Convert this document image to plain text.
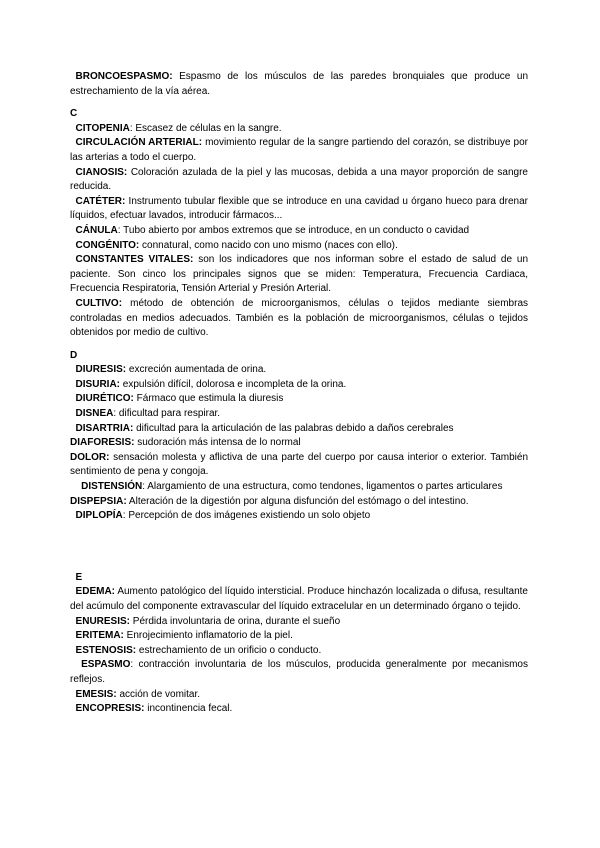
BRONCOESPASMO: Espasmo de los músculos de las paredes bronquiales que produce un estrechamiento de la vía aérea.

C

CITOPENIA: Escasez de células en la sangre.

CIRCULACIÓN ARTERIAL: movimiento regular de la sangre partiendo del corazón, se distribuye por las arterias a todo el cuerpo.

CIANOSIS: Coloración azulada de la piel y las mucosas, debida a una mayor proporción de sangre reducida.

CATÉTER: Instrumento tubular flexible que se introduce en una cavidad u órgano hueco para drenar líquidos, efectuar lavados, introducir fármacos...

CÁNULA: Tubo abierto por ambos extremos que se introduce, en un conducto o cavidad

CONGÉNITO: connatural, como nacido con uno mismo (naces con ello).

CONSTANTES VITALES: son los indicadores que nos informan sobre el estado de salud de un paciente. Son cinco los principales signos que se miden: Temperatura, Frecuencia Cardiaca, Frecuencia Respiratoria, Tensión Arterial y Presión Arterial.

CULTIVO: método de obtención de microorganismos, células o tejidos mediante siembras controladas en medios adecuados. También es la población de microorganismos, células o tejidos obtenidos por medio de cultivo.

D

DIURESIS: excreción aumentada de orina.

DISURIA: expulsión difícil, dolorosa e incompleta de la orina.

DIURÉTICO: Fármaco que estimula la diuresis

DISNEA: dificultad para respirar.

DISARTRIA: dificultad para la articulación de las palabras debido a daños cerebrales

DIAFORESIS: sudoración más intensa de lo normal

DOLOR: sensación molesta y aflictiva de una parte del cuerpo por causa interior o exterior. También sentimiento de pena y congoja.

DISTENSIÓN: Alargamiento de una estructura, como tendones, ligamentos o partes articulares

DISPEPSIA: Alteración de la digestión por alguna disfunción del estómago o del intestino.

DIPLOPÍA: Percepción de dos imágenes existiendo un solo objeto

E

EDEMA: Aumento patológico del líquido intersticial. Produce hinchazón localizada o difusa, resultante del acúmulo del componente extravascular del líquido extracelular en un determinado órgano o tejido.

ENURESIS: Pérdida involuntaria de orina, durante el sueño

ERITEMA: Enrojecimiento inflamatorio de la piel.

ESTENOSIS: estrechamiento de un orificio o conducto.

ESPASMO: contracción involuntaria de los músculos, producida generalmente por mecanismos reflejos.

EMESIS: acción de vomitar.

ENCOPRESIS: incontinencia fecal.
